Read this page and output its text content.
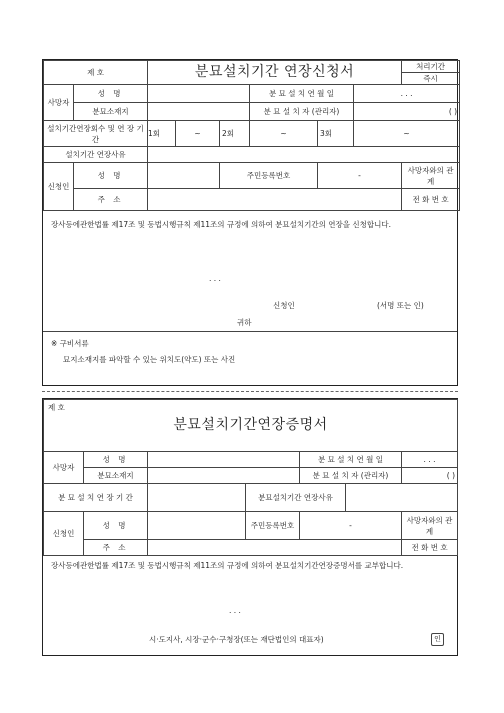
제 호		분묘설치기간 연장신청서						처리기간
즉시

사망자	성 명				분 묘 설 치 연 월 일		. . .	
	분묘소재지				분 묘 설 치 자 (관리자)		( )	
설치기간연장회수 및 연 장 기 간		1회	~	2회	~	3회	~	
설치기간 연장사유								
신청인	성 명			주민등록번호		-		사망자와의 관 계
	주 소							전 화 번 호
장사등에관한법률 제17조 및 동법시행규칙 제11조의 규정에 의하여 분묘설치기간의 연장을 신청합니다.
. . .
신청인	(서명 또는 인)
귀하
※ 구비서류
묘지소재지를 파악할 수 있는 위치도(약도) 또는 사진
제 호
분묘설치기간연장증명서						
사망자	성 명			분 묘 설 치 연 월 일		. . .
	분묘소재지			분 묘 설 치 자 (관리자)		( )
분 묘 설 치 연 장 기 간			분묘설치기간 연장사유			
신청인	성 명		주민등록번호	-		사망자와의 관 계
	주 소					전 화 번 호
장사등에관한법률 제17조 및 동법시행규칙 제11조의 규정에 의하여 분묘설치기간연장증명서를 교부합니다.
. . .
시·도지사, 시장·군수·구청장(또는 재단법인의 대표자)	인
